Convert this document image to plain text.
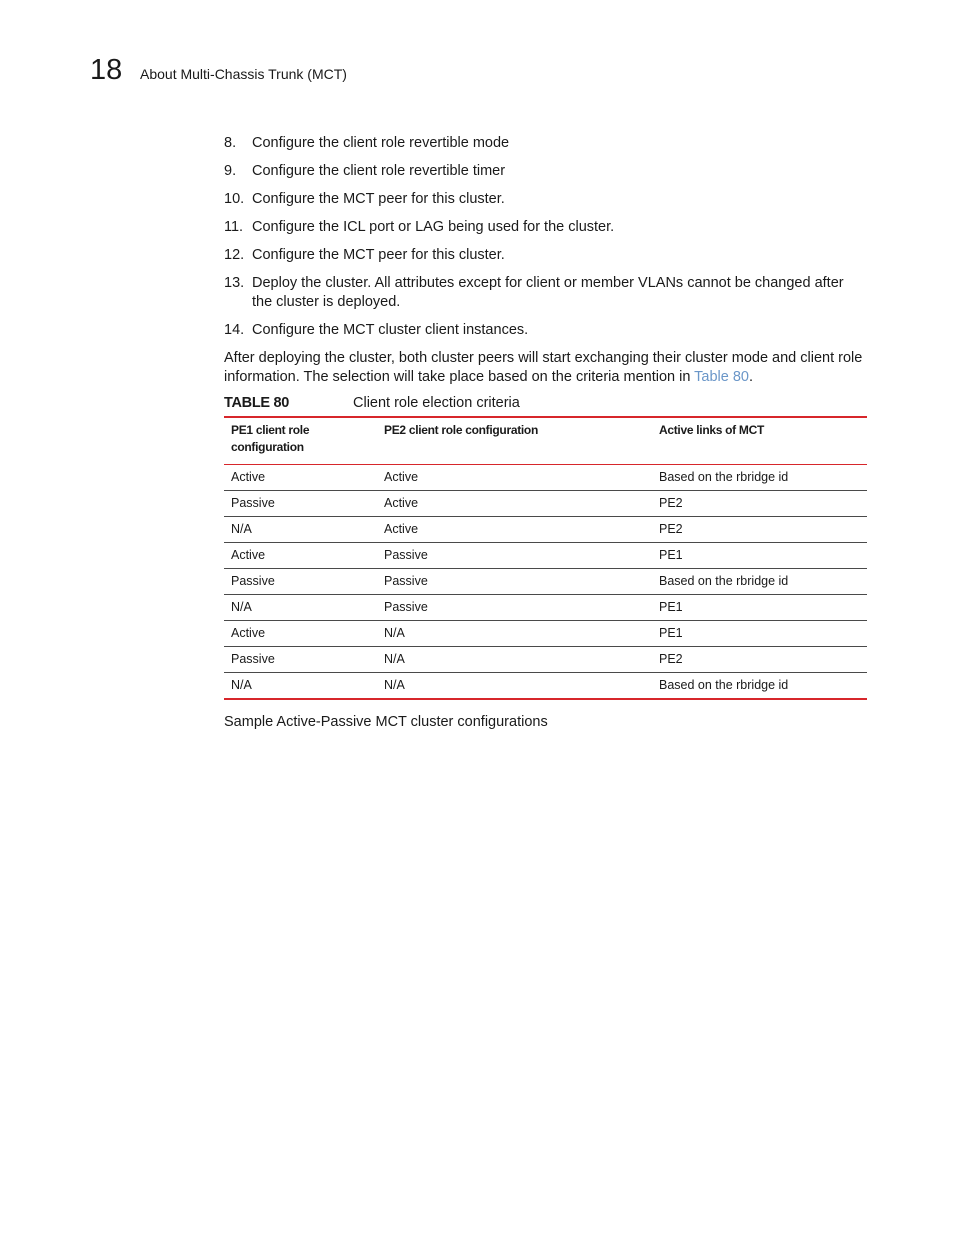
18 About Multi-Chassis Trunk (MCT)
8. Configure the client role revertible mode
9. Configure the client role revertible timer
10. Configure the MCT peer for this cluster.
11. Configure the ICL port or LAG being used for the cluster.
12. Configure the MCT peer for this cluster.
13. Deploy the cluster. All attributes except for client or member VLANs cannot be changed after the cluster is deployed.
14. Configure the MCT cluster client instances.

After deploying the cluster, both cluster peers will start exchanging their cluster mode and client role information. The selection will take place based on the criteria mention in Table 80.

TABLE 80	Client role election criteria
PE1 client role configuration	PE2 client role configuration	Active links of MCT
Active	Active	Based on the rbridge id
Passive	Active	PE2
N/A	Active	PE2
Active	Passive	PE1
Passive	Passive	Based on the rbridge id
N/A	Passive	PE1
Active	N/A	PE1
Passive	N/A	PE2
N/A	N/A	Based on the rbridge id
Sample Active-Passive MCT cluster configurations
